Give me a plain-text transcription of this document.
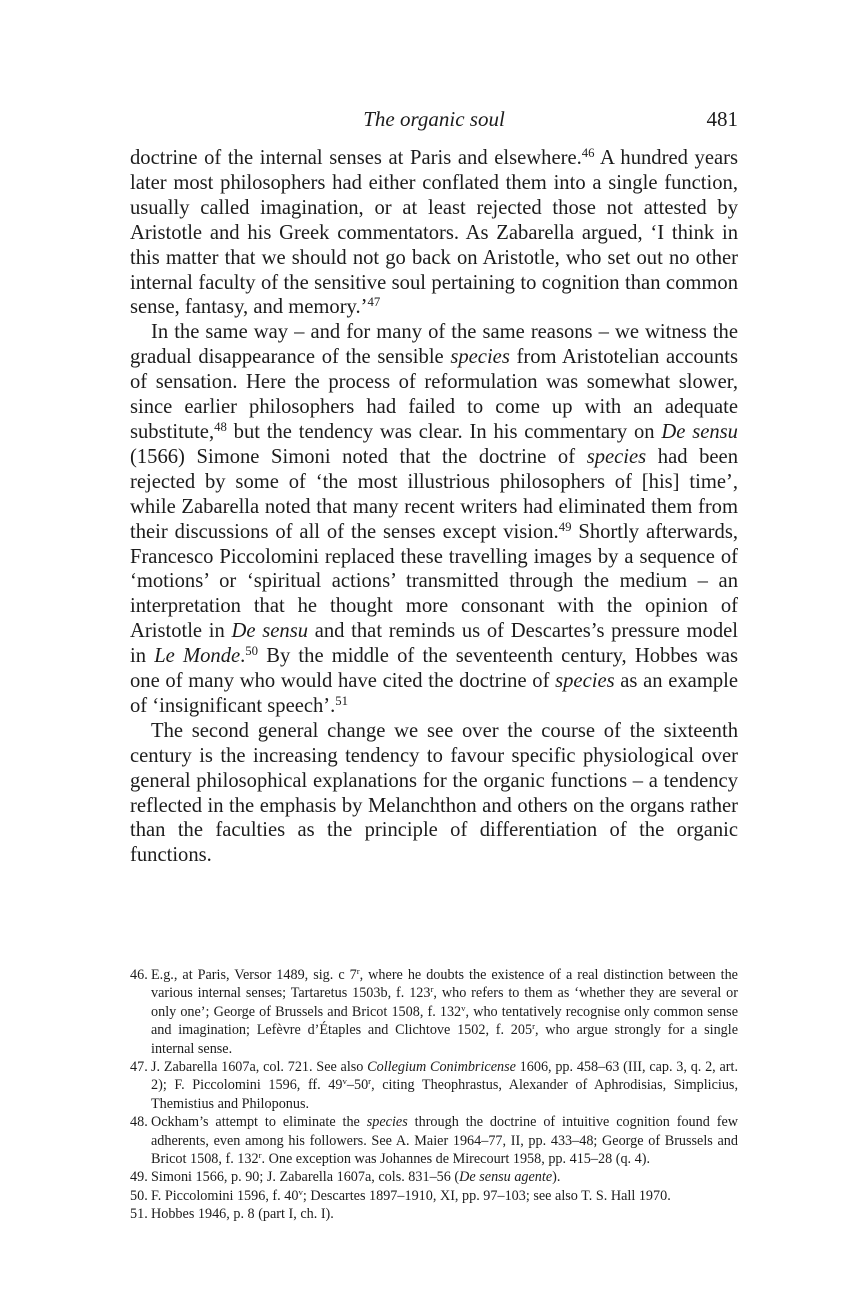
The organic soul	481

doctrine of the internal senses at Paris and elsewhere.$^{46}$ A hundred years later most philosophers had either conflated them into a single function, usually called imagination, or at least rejected those not attested by Aristotle and his Greek commentators. As Zabarella argued, ‘I think in this matter that we should not go back on Aristotle, who set out no other internal faculty of the sensitive soul pertaining to cognition than common sense, fantasy, and memory.’$^{47}$

In the same way – and for many of the same reasons – we witness the gradual disappearance of the sensible species from Aristotelian accounts of sensation. Here the process of reformulation was somewhat slower, since earlier philosophers had failed to come up with an adequate substitute,$^{48}$ but the tendency was clear. In his commentary on De sensu (1566) Simone Simoni noted that the doctrine of species had been rejected by some of ‘the most illustrious philosophers of [his] time’, while Zabarella noted that many recent writers had eliminated them from their discussions of all of the senses except vision.$^{49}$ Shortly afterwards, Francesco Piccolomini replaced these travelling images by a sequence of ‘motions’ or ‘spiritual actions’ transmitted through the medium – an interpretation that he thought more consonant with the opinion of Aristotle in De sensu and that reminds us of Descartes’s pressure model in Le Monde.$^{50}$ By the middle of the seventeenth century, Hobbes was one of many who would have cited the doctrine of species as an example of ‘insignificant speech’.$^{51}$

The second general change we see over the course of the sixteenth century is the increasing tendency to favour specific physiological over general philosophical explanations for the organic functions – a tendency reflected in the emphasis by Melanchthon and others on the organs rather than the faculties as the principle of differentiation of the organic functions.

46. E.g., at Paris, Versor 1489, sig. c 7$^r$, where he doubts the existence of a real distinction between the various internal senses; Tartaretus 1503b, f. 123$^r$, who refers to them as ‘whether they are several or only one’; George of Brussels and Bricot 1508, f. 132$^v$, who tentatively recognise only common sense and imagination; Lefèvre d’Étaples and Clichtove 1502, f. 205$^r$, who argue strongly for a single internal sense.
47. J. Zabarella 1607a, col. 721. See also Collegium Conimbricense 1606, pp. 458–63 (III, cap. 3, q. 2, art. 2); F. Piccolomini 1596, ff. 49$^v$–50$^r$, citing Theophrastus, Alexander of Aphrodisias, Simplicius, Themistius and Philoponus.
48. Ockham’s attempt to eliminate the species through the doctrine of intuitive cognition found few adherents, even among his followers. See A. Maier 1964–77, II, pp. 433–48; George of Brussels and Bricot 1508, f. 132$^r$. One exception was Johannes de Mirecourt 1958, pp. 415–28 (q. 4).
49. Simoni 1566, p. 90; J. Zabarella 1607a, cols. 831–56 (De sensu agente).
50. F. Piccolomini 1596, f. 40$^v$; Descartes 1897–1910, XI, pp. 97–103; see also T. S. Hall 1970.
51. Hobbes 1946, p. 8 (part I, ch. I).
